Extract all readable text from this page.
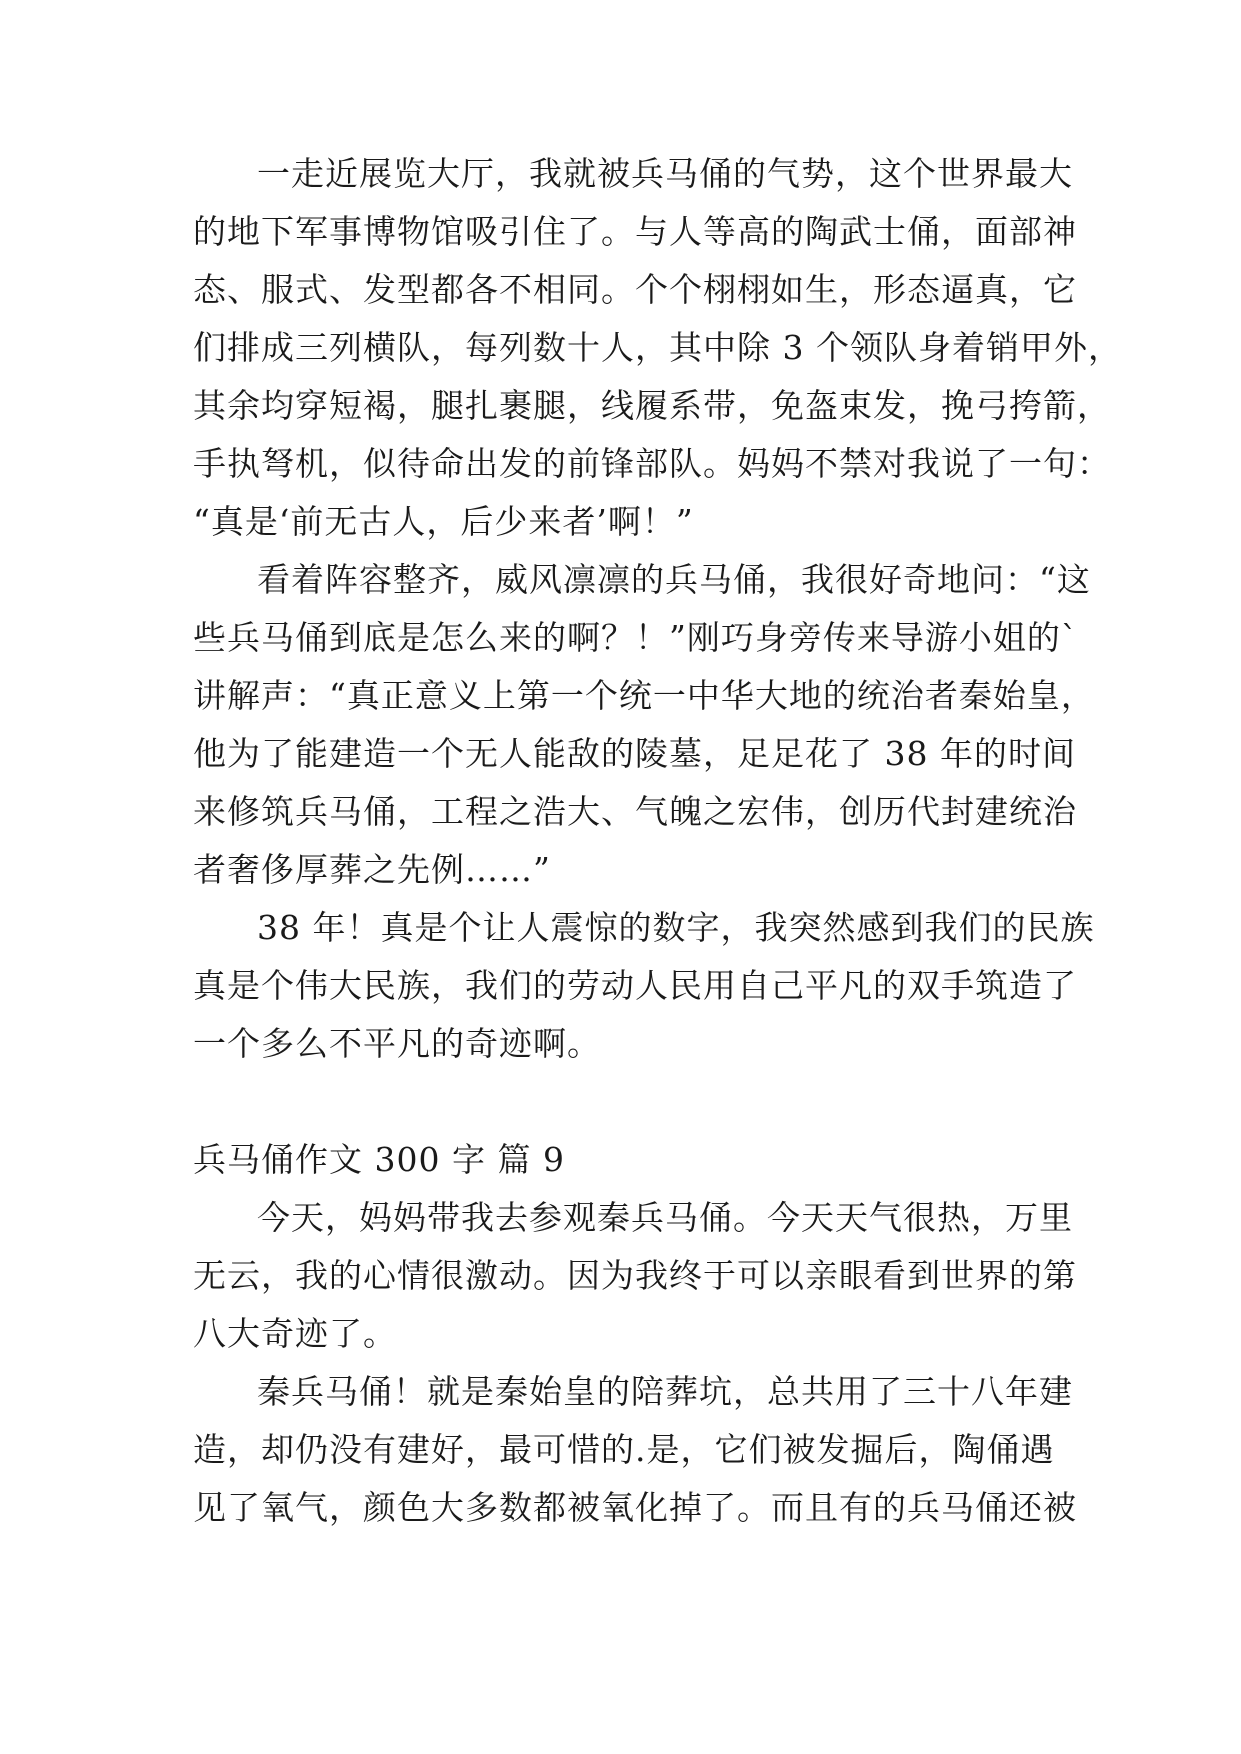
一走近展览大厅，我就被兵马俑的气势，这个世界最大
的地下军事博物馆吸引住了。与人等高的陶武士俑，面部神
态、服式、发型都各不相同。个个栩栩如生，形态逼真，它
们排成三列横队，每列数十人，其中除 3 个领队身着销甲外，
其余均穿短褐，腿扎裹腿，线履系带，免盔束发，挽弓挎箭，
手执弩机，似待命出发的前锋部队。妈妈不禁对我说了一句：
“真是‘前无古人，后少来者’啊！”
看着阵容整齐，威风凛凛的兵马俑，我很好奇地问：“这
些兵马俑到底是怎么来的啊？！”刚巧身旁传来导游小姐的`
讲解声：“真正意义上第一个统一中华大地的统治者秦始皇，
他为了能建造一个无人能敌的陵墓，足足花了 38 年的时间
来修筑兵马俑，工程之浩大、气魄之宏伟，创历代封建统治
者奢侈厚葬之先例……”
38 年！真是个让人震惊的数字，我突然感到我们的民族
真是个伟大民族，我们的劳动人民用自己平凡的双手筑造了
一个多么不平凡的奇迹啊。
兵马俑作文 300 字 篇 9
今天，妈妈带我去参观秦兵马俑。今天天气很热，万里
无云，我的心情很激动。因为我终于可以亲眼看到世界的第
八大奇迹了。
秦兵马俑！就是秦始皇的陪葬坑，总共用了三十八年建
造，却仍没有建好，最可惜的.是，它们被发掘后，陶俑遇
见了氧气，颜色大多数都被氧化掉了。而且有的兵马俑还被
